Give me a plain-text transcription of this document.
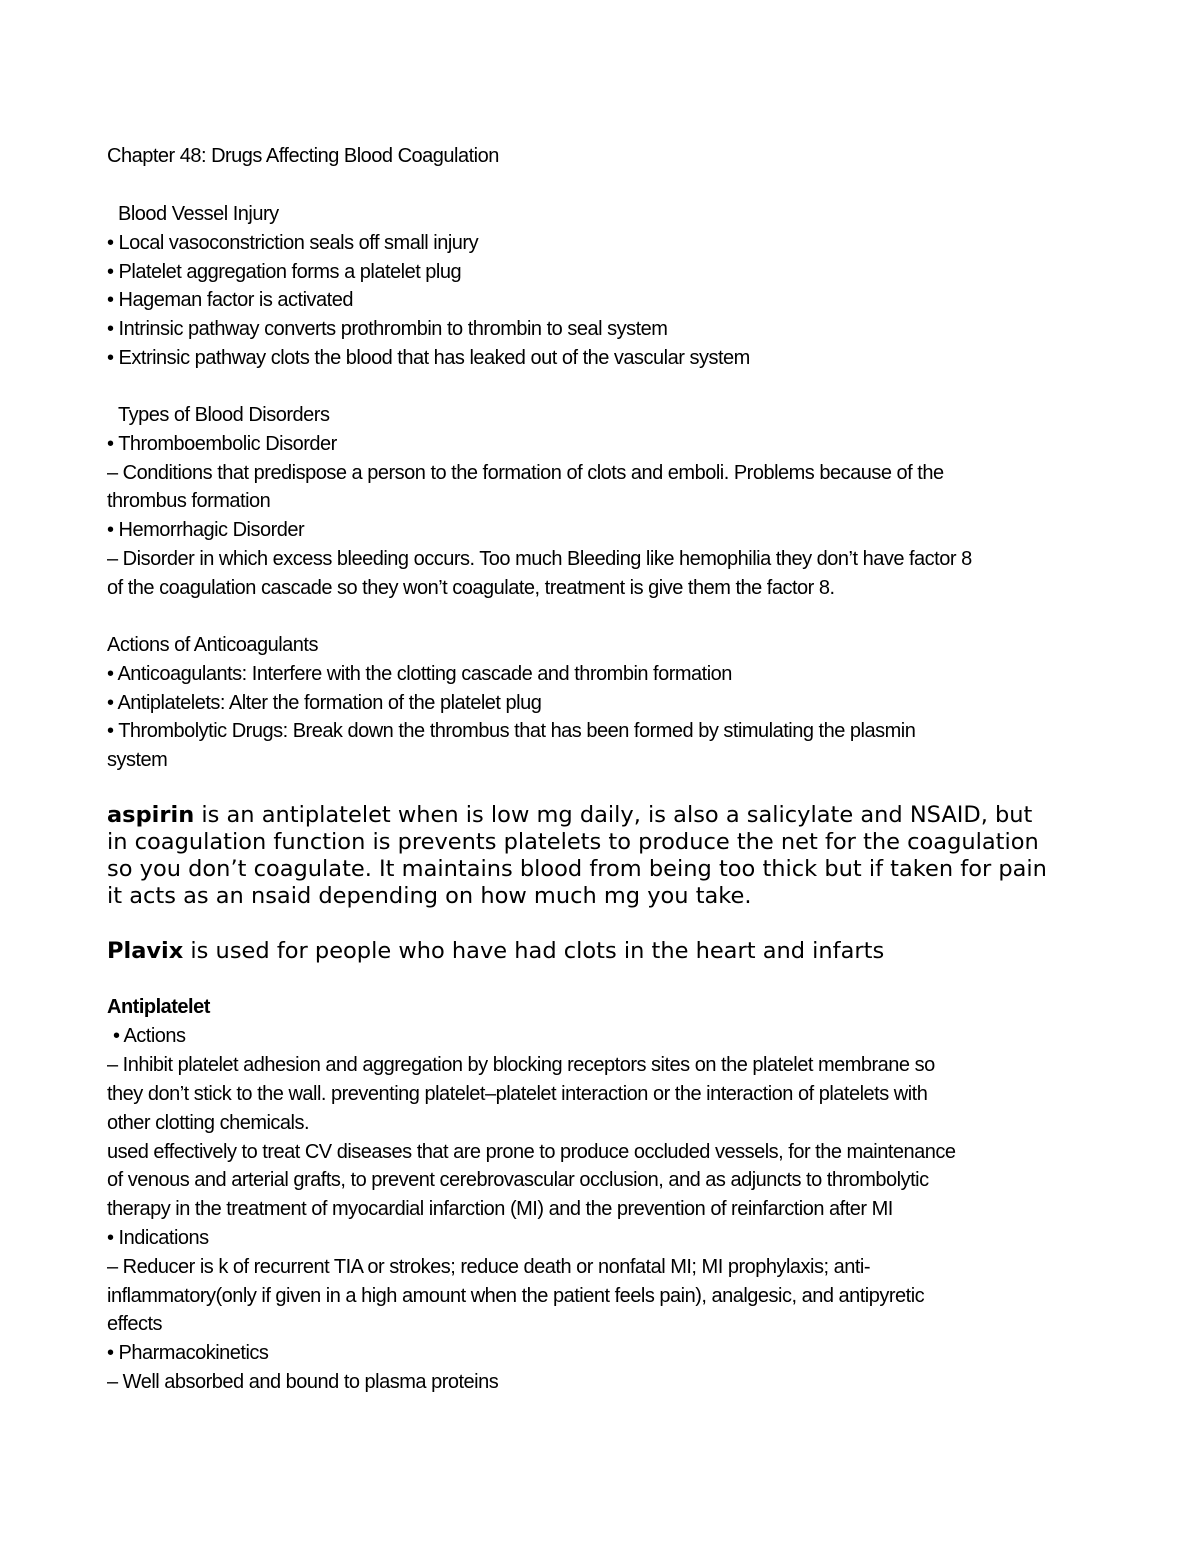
Chapter 48: Drugs Affecting Blood Coagulation

Blood Vessel Injury

• Local vasoconstriction seals off small injury

• Platelet aggregation forms a platelet plug

• Hageman factor is activated

• Intrinsic pathway converts prothrombin to thrombin to seal system

• Extrinsic pathway clots the blood that has leaked out of the vascular system

Types of Blood Disorders

• Thromboembolic Disorder

– Conditions that predispose a person to the formation of clots and emboli. Problems because of the

thrombus formation

• Hemorrhagic Disorder

– Disorder in which excess bleeding occurs. Too much Bleeding like hemophilia they don’t have factor 8

of the coagulation cascade so they won’t coagulate, treatment is give them the factor 8.

Actions of Anticoagulants

• Anticoagulants: Interfere with the clotting cascade and thrombin formation

• Antiplatelets: Alter the formation of the platelet plug

• Thrombolytic Drugs: Break down the thrombus that has been formed by stimulating the plasmin

system

aspirin is an antiplatelet when is low mg daily, is also a salicylate and NSAID, but

in coagulation function is prevents platelets to produce the net for the coagulation

so you don’t coagulate. It maintains blood from being too thick but if taken for pain

it acts as an nsaid depending on how much mg you take.

Plavix is used for people who have had clots in the heart and infarts

Antiplatelet

• Actions

– Inhibit platelet adhesion and aggregation by blocking receptors sites on the platelet membrane so

they don’t stick to the wall. preventing platelet–platelet interaction or the interaction of platelets with

other clotting chemicals.

used effectively to treat CV diseases that are prone to produce occluded vessels, for the maintenance

of venous and arterial grafts, to prevent cerebrovascular occlusion, and as adjuncts to thrombolytic

therapy in the treatment of myocardial infarction (MI) and the prevention of reinfarction after MI

• Indications

– Reducer is k of recurrent TIA or strokes; reduce death or nonfatal MI; MI prophylaxis; anti-

inflammatory(only if given in a high amount when the patient feels pain), analgesic, and antipyretic

effects

• Pharmacokinetics

– Well absorbed and bound to plasma proteins
